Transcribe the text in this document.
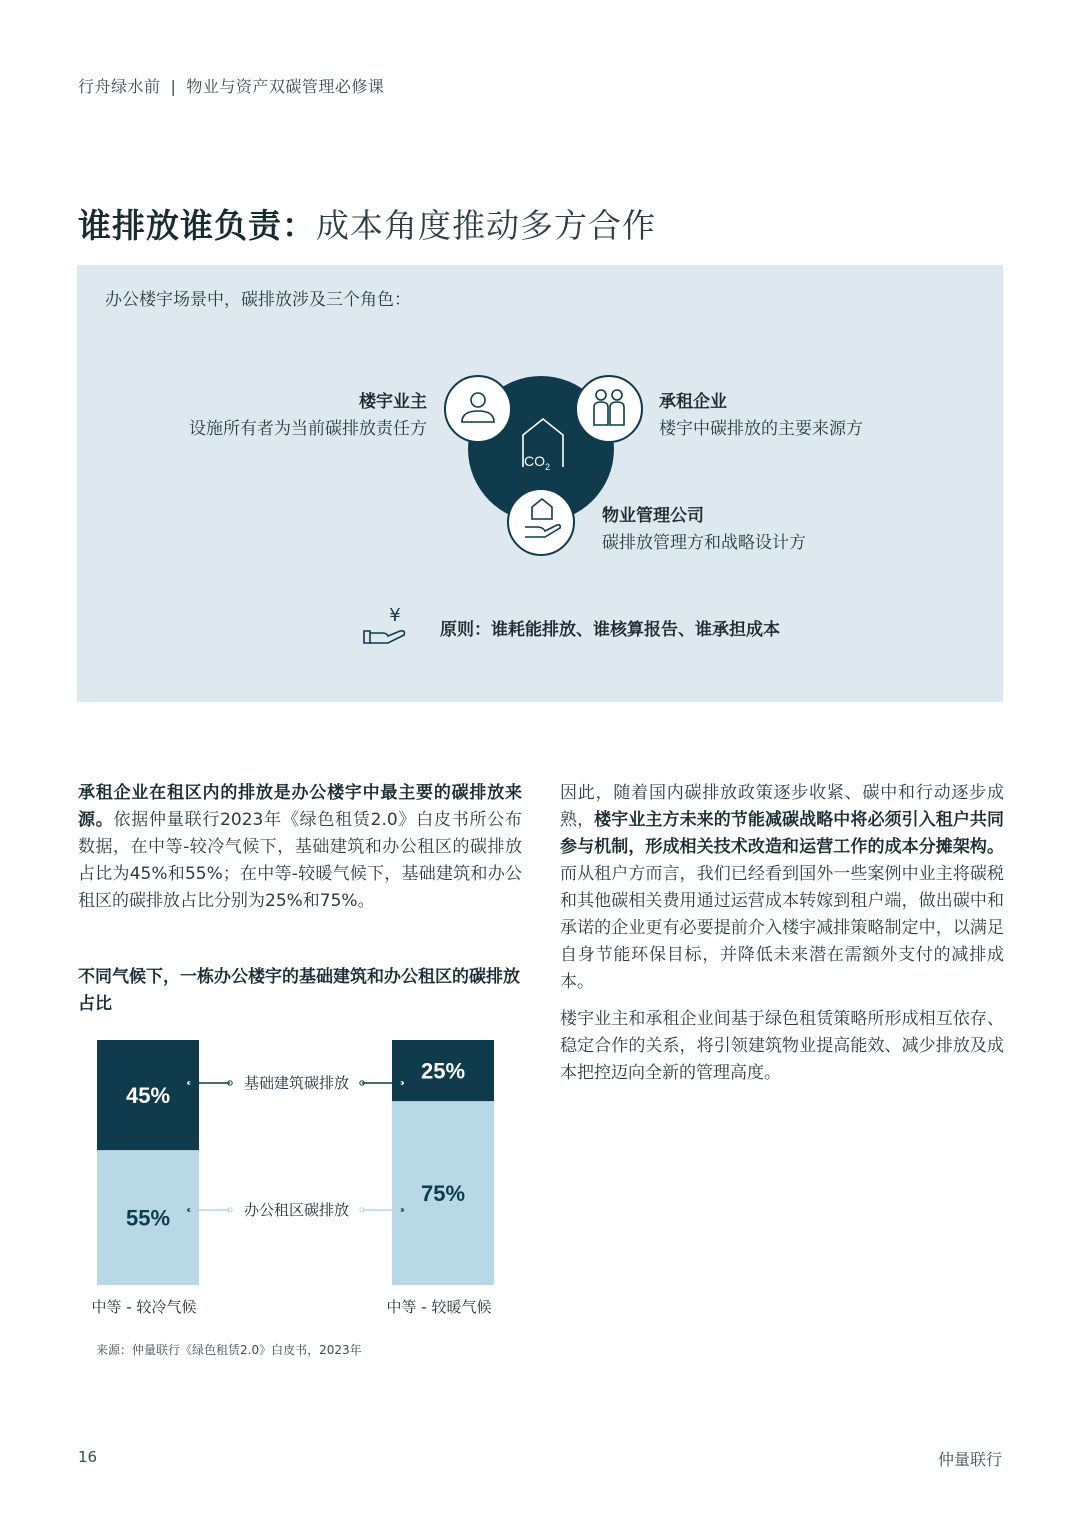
行舟绿水前 | 物业与资产双碳管理必修课
谁排放谁负责：成本角度推动多方合作
办公楼宇场景中，碳排放涉及三个角色：
楼宇业主
设施所有者为当前碳排放责任方
承租企业
楼宇中碳排放的主要来源方
物业管理公司
碳排放管理方和战略设计方
$CO_2$
¥
原则：谁耗能排放、谁核算报告、谁承担成本

承租企业在租区内的排放是办公楼宇中最主要的碳排放来源。依据仲量联行2023年《绿色租赁2.0》白皮书所公布数据，在中等-较冷气候下，基础建筑和办公租区的碳排放占比为45%和55%；在中等-较暖气候下，基础建筑和办公租区的碳排放占比分别为25%和75%。

不同气候下，一栋办公楼宇的基础建筑和办公租区的碳排放占比
45%
55%
中等 - 较冷气候
25%
75%
中等 - 较暖气候
基础建筑碳排放
办公租区碳排放

因此，随着国内碳排放政策逐步收紧、碳中和行动逐步成熟，楼宇业主方未来的节能减碳战略中将必须引入租户共同参与机制，形成相关技术改造和运营工作的成本分摊架构。而从租户方而言，我们已经看到国外一些案例中业主将碳税和其他碳相关费用通过运营成本转嫁到租户端，做出碳中和承诺的企业更有必要提前介入楼宇减排策略制定中，以满足自身节能环保目标，并降低未来潜在需额外支付的减排成本。

楼宇业主和承租企业间基于绿色租赁策略所形成相互依存、稳定合作的关系，将引领建筑物业提高能效、减少排放及成本把控迈向全新的管理高度。

来源：仲量联行《绿色租赁2.0》白皮书，2023年
16	仲量联行
